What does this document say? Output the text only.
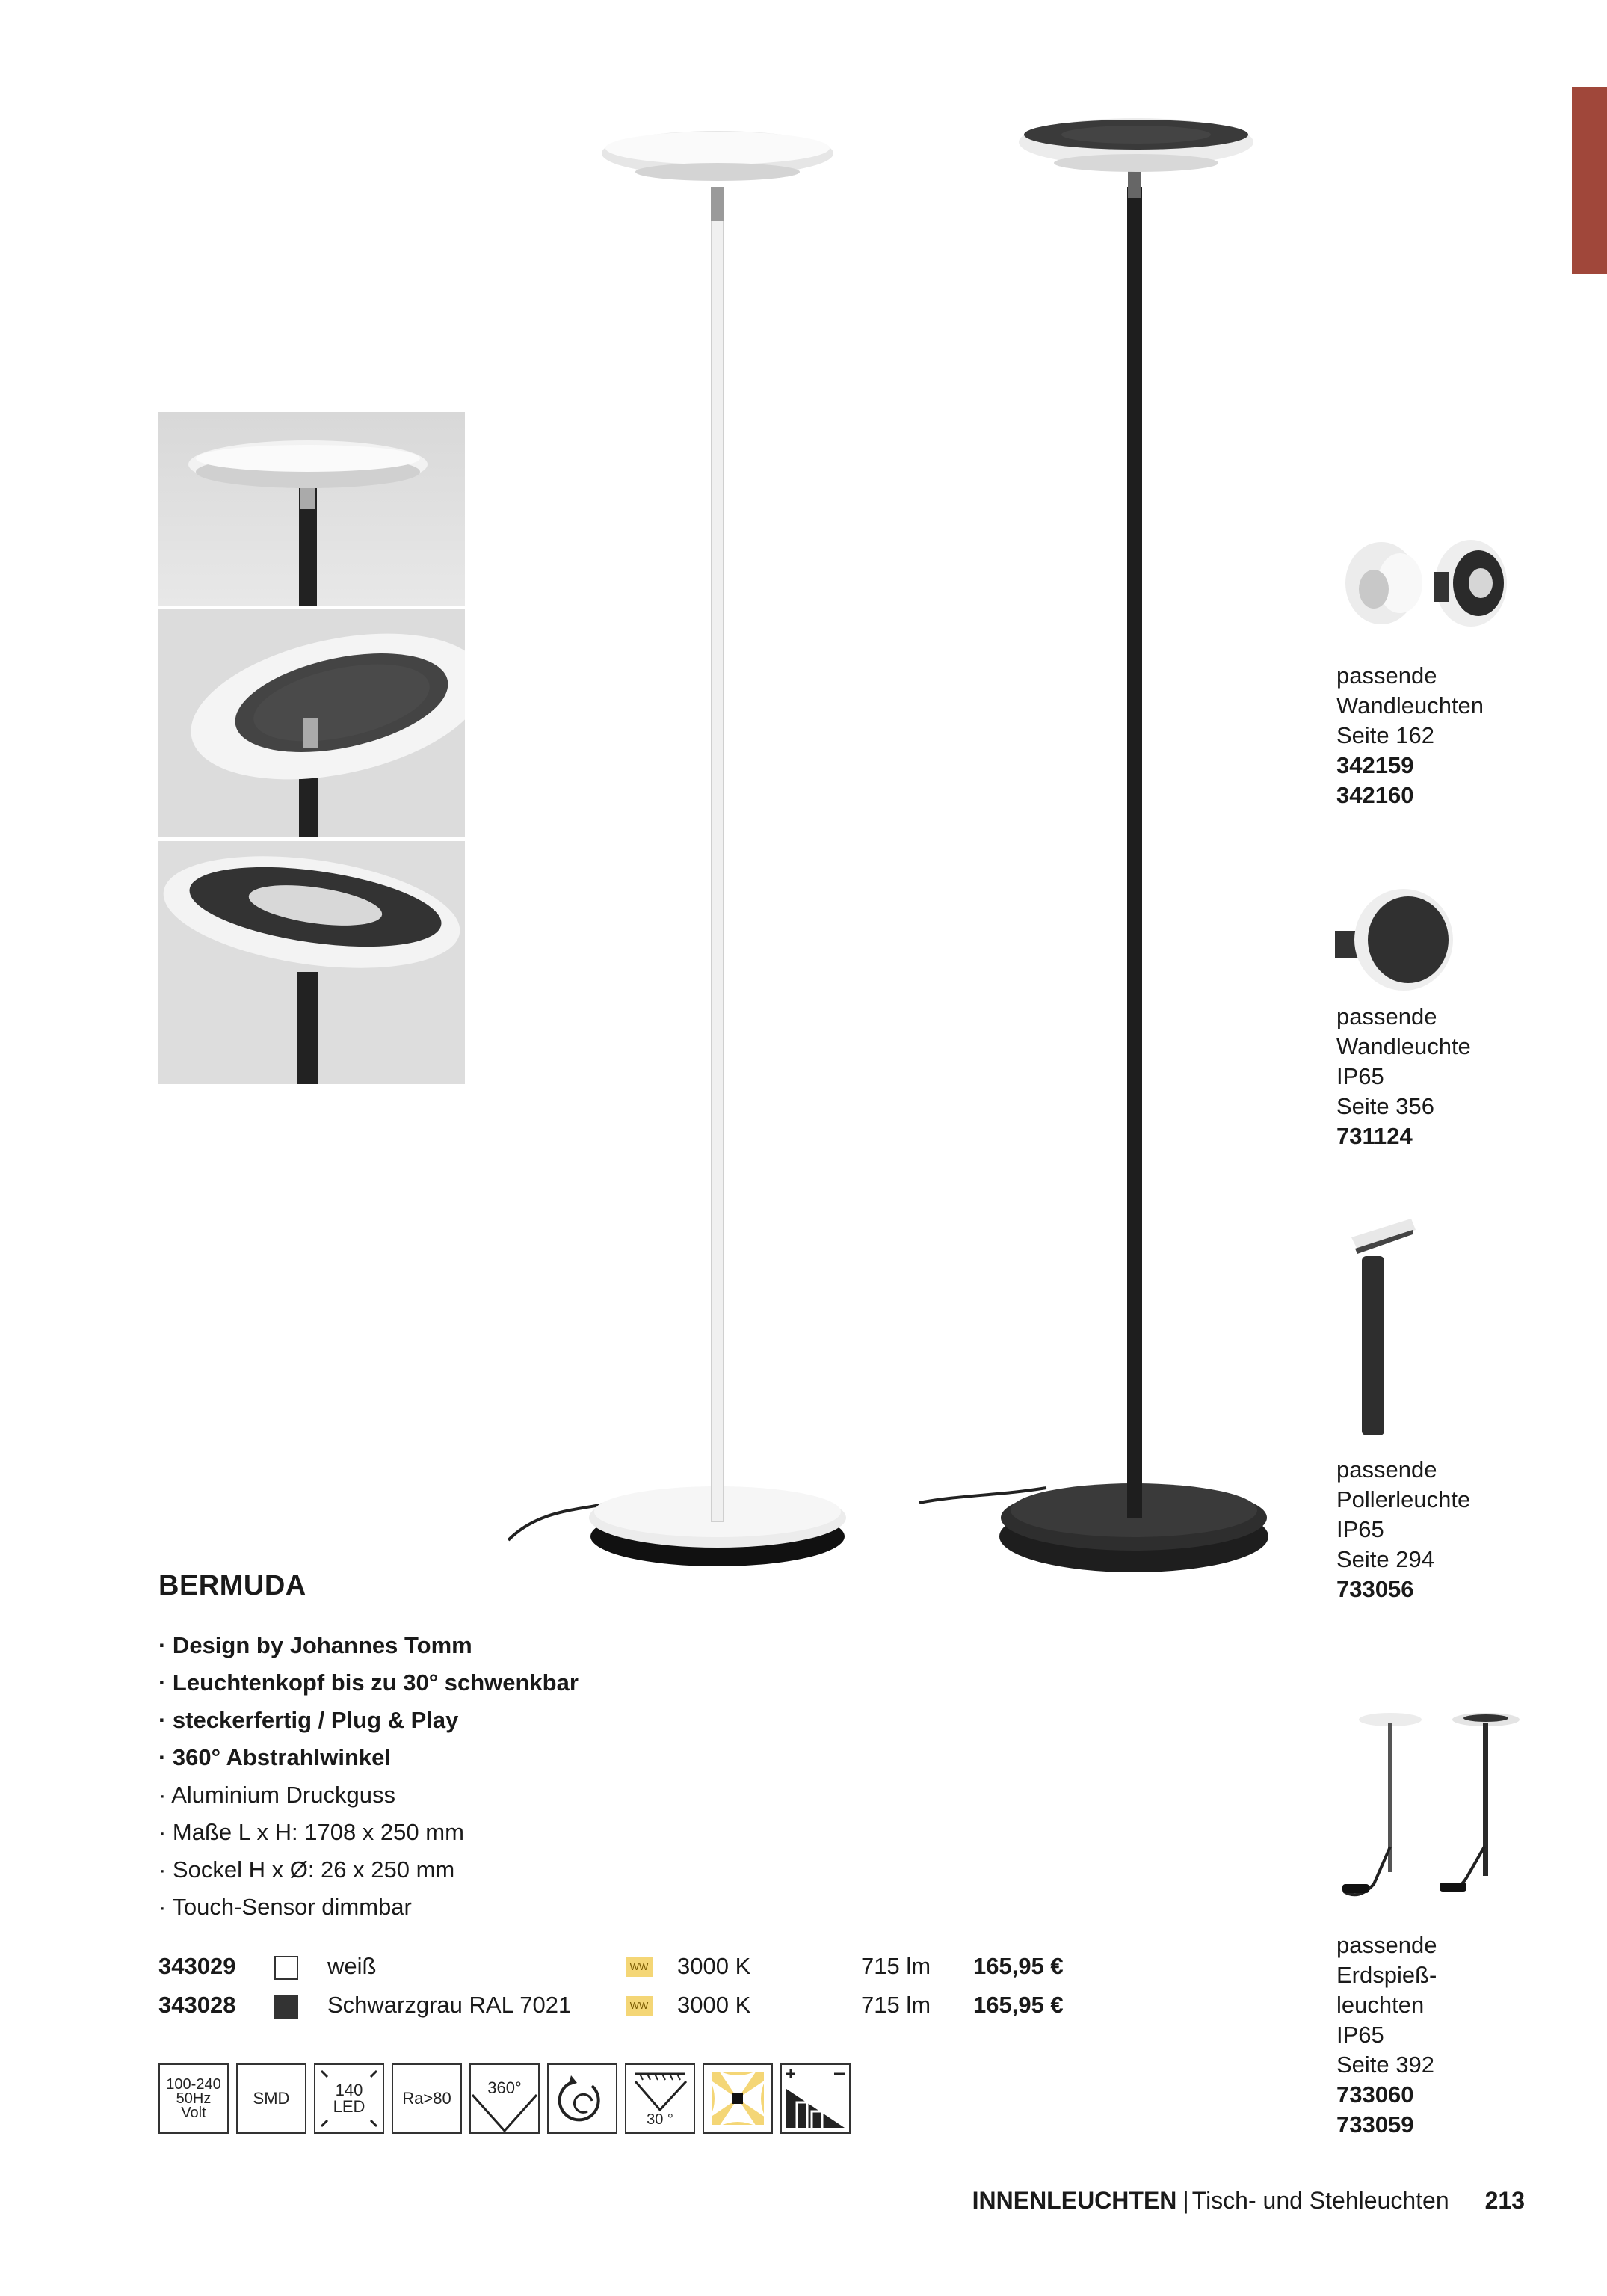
passende
Wandleuchten
Seite 162
342159
342160
passende
Wandleuchte
IP65
Seite 356
731124
passende
Pollerleuchte
IP65
Seite 294
733056
passende
Erdspieß-
leuchten
IP65
Seite 392
733060
733059
BERMUDA
· Design by Johannes Tomm
· Leuchtenkopf bis zu 30° schwenkbar
· steckerfertig / Plug & Play
· 360° Abstrahlwinkel
· Aluminium Druckguss
· Maße L x H: 1708 x 250 mm
· Sockel H x Ø: 26 x 250 mm
· Touch-Sensor dimmbar
343029	weiß	WW 3000 K	715 lm 165,95 €
343028	Schwarzgrau RAL 7021	WW 3000 K	715 lm 165,95 €
100-240
50Hz
Volt
SMD	140
LED Ra>80
360°
30 °
INNENLEUCHTEN | Tisch- und Stehleuchten 213
